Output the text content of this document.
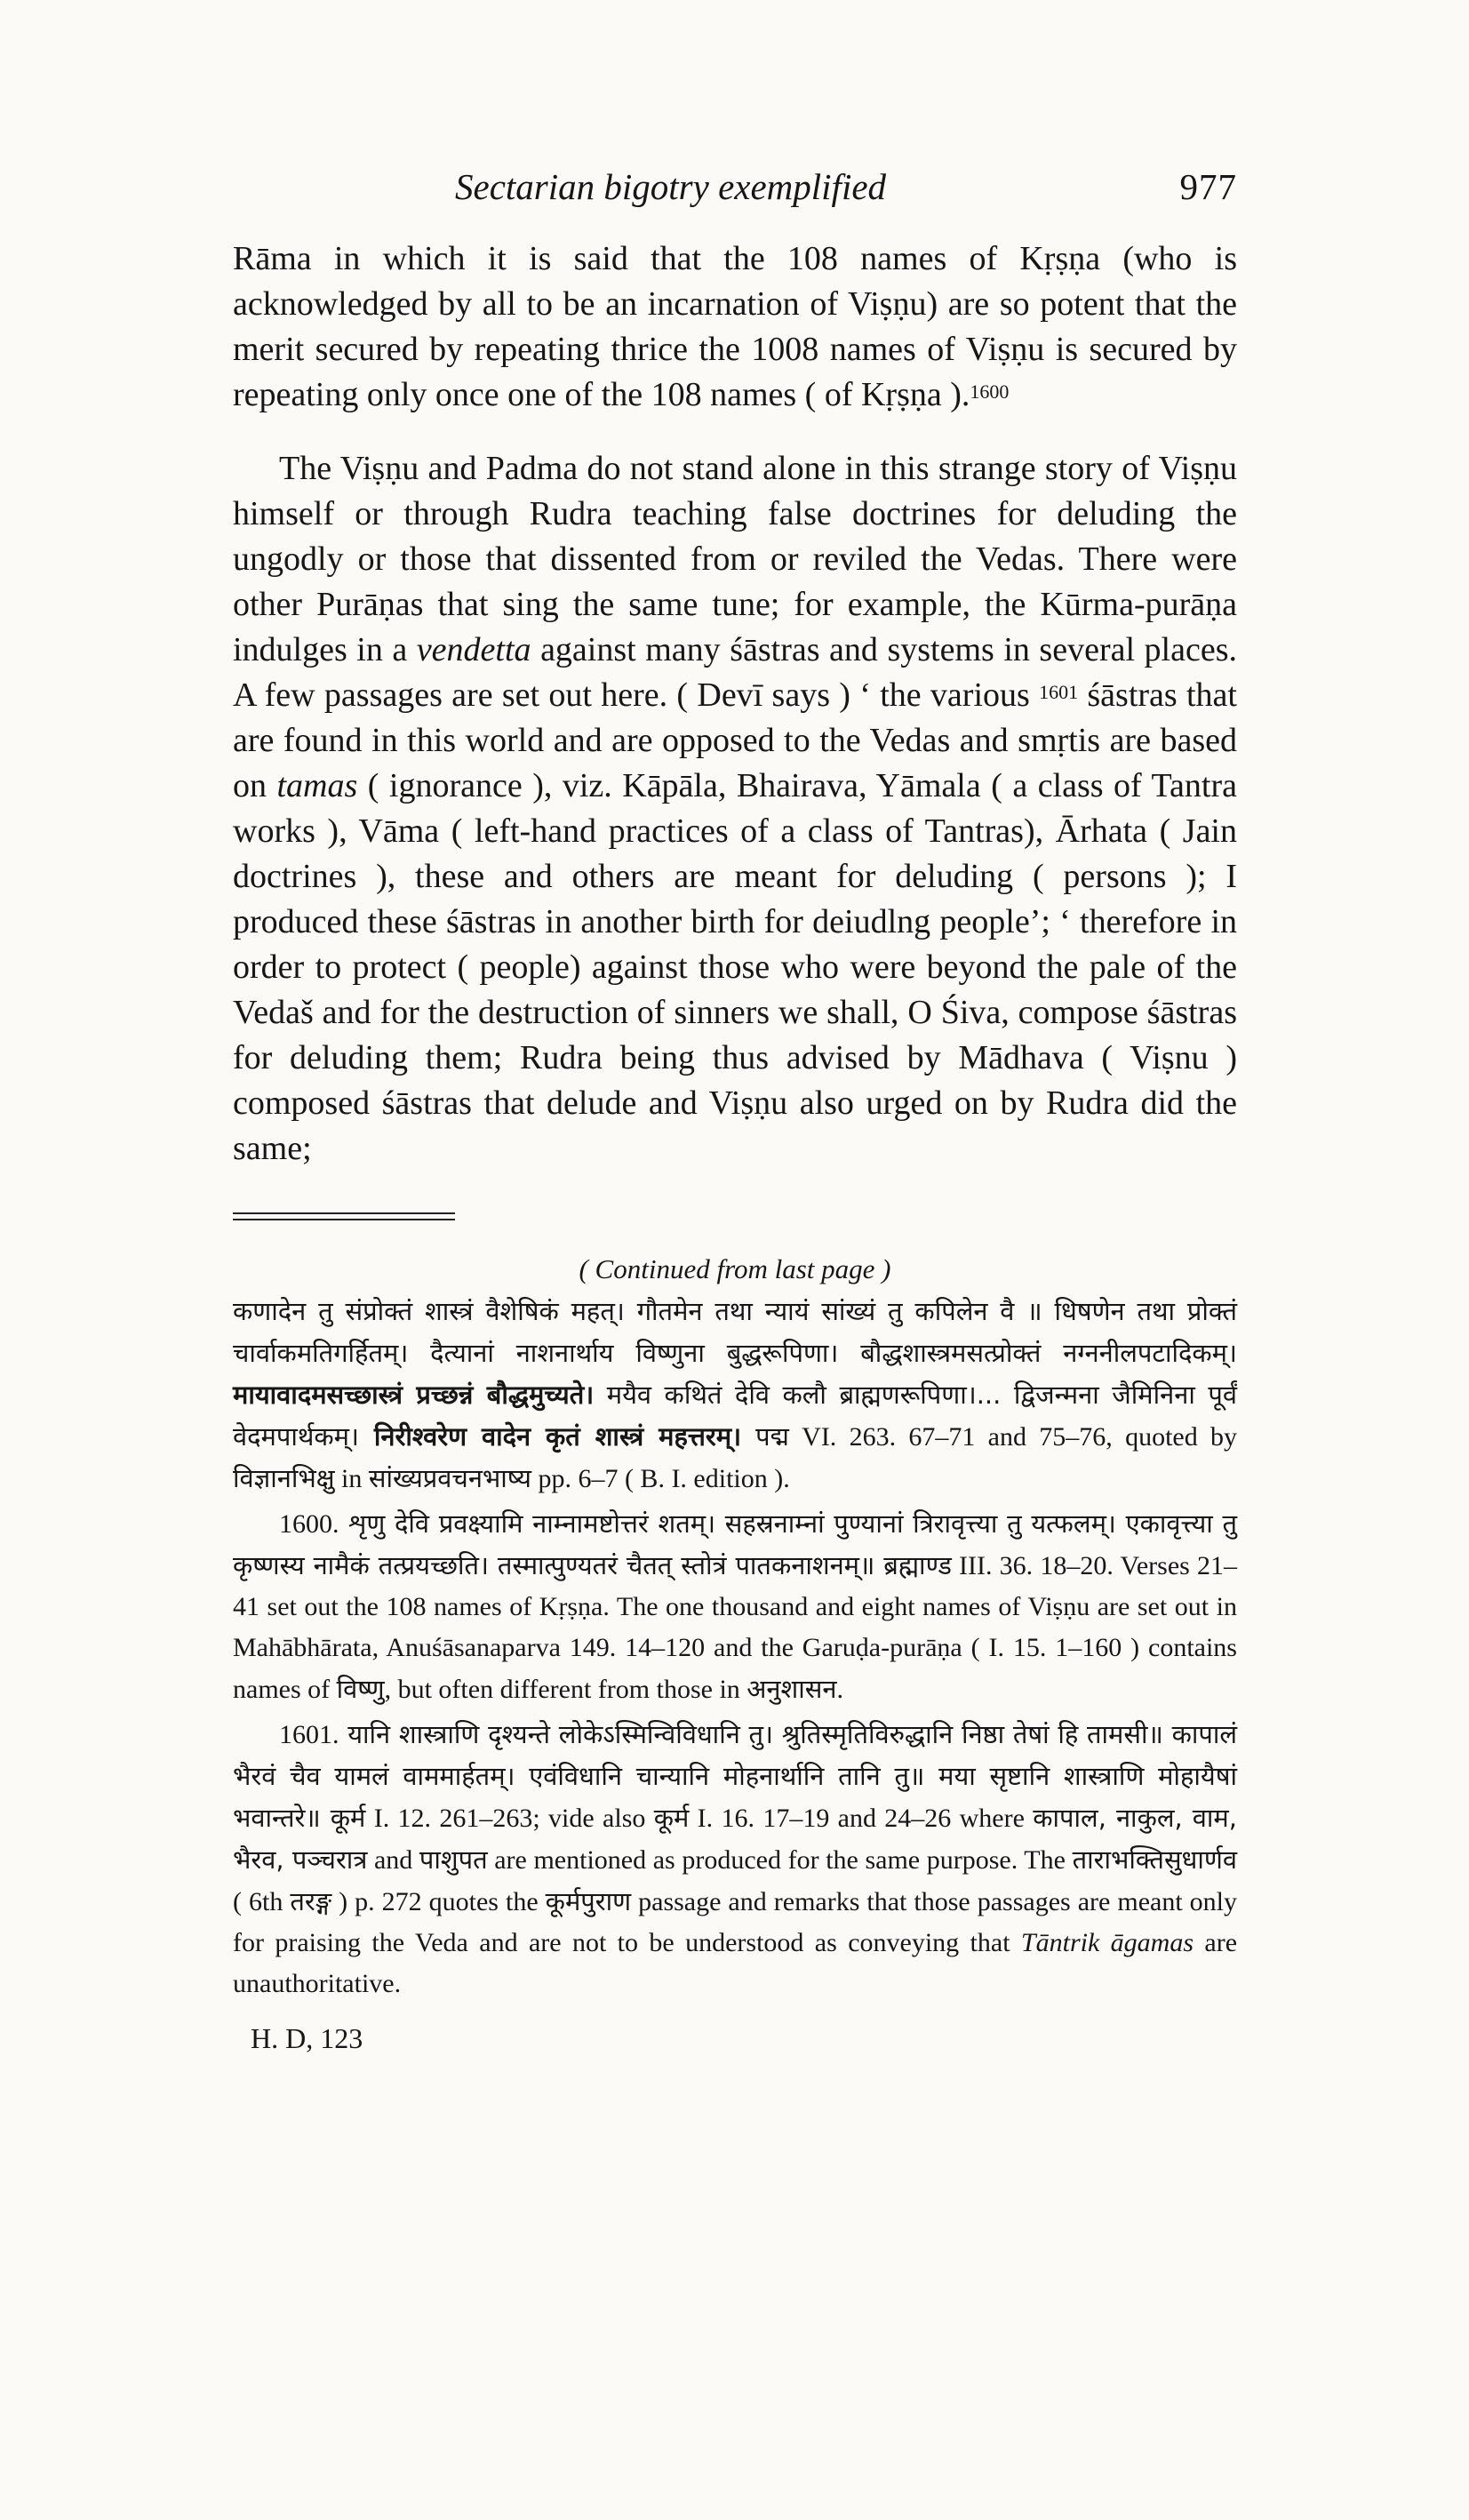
Sectarian bigotry exemplified	977

Rāma in which it is said that the 108 names of Kṛṣṇa (who is acknowledged by all to be an incarnation of Viṣṇu) are so potent that the merit secured by repeating thrice the 1008 names of Viṣṇu is secured by repeating only once one of the 108 names ( of Kṛṣṇa ).$^{1600}$

The Viṣṇu and Padma do not stand alone in this strange story of Viṣṇu himself or through Rudra teaching false doctrines for deluding the ungodly or those that dissented from or reviled the Vedas. There were other Purāṇas that sing the same tune; for example, the Kūrma-purāṇa indulges in a vendetta against many śāstras and systems in several places. A few passages are set out here. ( Devī says ) ‘ the various $^{1601}$ śāstras that are found in this world and are opposed to the Vedas and smṛtis are based on tamas ( ignorance ), viz. Kāpāla, Bhairava, Yāmala ( a class of Tantra works ), Vāma ( left-hand practices of a class of Tantras), Ārhata ( Jain doctrines ), these and others are meant for deluding ( persons ); I produced these śāstras in another birth for deiudlng people’; ‘ therefore in order to protect ( people) against those who were beyond the pale of the Vedaš and for the destruction of sinners we shall, O Śiva, compose śāstras for deluding them; Rudra being thus advised by Mādhava ( Viṣnu ) composed śāstras that delude and Viṣṇu also urged on by Rudra did the same;

( Continued from last page )

कणादेन तु संप्रोक्तं शास्त्रं वैशेषिकं महत्। गौतमेन तथा न्यायं सांख्यं तु कपिलेन वै ॥ धिषणेन तथा प्रोक्तं चार्वाकमतिगर्हितम्। दैत्यानां नाशनार्थाय विष्णुना बुद्धरूपिणा। बौद्धशास्त्रमसत्प्रोक्तं नग्ननीलपटादिकम्। मायावादमसच्छास्त्रं प्रच्छन्नं बौद्धमुच्यते। मयैव कथितं देवि कलौ ब्राह्मणरूपिणा।... द्विजन्मना जैमिनिना पूर्वं वेदमपार्थकम्। निरीश्वरेण वादेन कृतं शास्त्रं महत्तरम्। पद्म VI. 263. 67–71 and 75–76, quoted by विज्ञानभिक्षु in सांख्यप्रवचनभाष्य pp. 6–7 ( B. I. edition ).

1600. शृणु देवि प्रवक्ष्यामि नाम्नामष्टोत्तरं शतम्। सहस्रनाम्नां पुण्यानां त्रिरावृत्त्या तु यत्फलम्। एकावृत्त्या तु कृष्णस्य नामैकं तत्प्रयच्छति। तस्मात्पुण्यतरं चैतत् स्तोत्रं पातकनाशनम्॥ ब्रह्माण्ड III. 36. 18–20. Verses 21–41 set out the 108 names of Kṛṣṇa. The one thousand and eight names of Viṣṇu are set out in Mahābhārata, Anuśāsanaparva 149. 14–120 and the Garuḍa-purāṇa ( I. 15. 1–160 ) contains names of विष्णु, but often different from those in अनुशासन.

1601. यानि शास्त्राणि दृश्यन्ते लोकेऽस्मिन्विविधानि तु। श्रुतिस्मृतिविरुद्धानि निष्ठा तेषां हि तामसी॥ कापालं भैरवं चैव यामलं वाममार्हतम्। एवंविधानि चान्यानि मोहनार्थानि तानि तु॥ मया सृष्टानि शास्त्राणि मोहायैषां भवान्तरे॥ कूर्म I. 12. 261–263; vide also कूर्म I. 16. 17–19 and 24–26 where कापाल, नाकुल, वाम, भैरव, पञ्चरात्र and पाशुपत are mentioned as produced for the same purpose. The ताराभक्तिसुधार्णव ( 6th तरङ्ग ) p. 272 quotes the कूर्मपुराण passage and remarks that those passages are meant only for praising the Veda and are not to be understood as conveying that Tāntrik āgamas are unauthoritative.

H. D, 123
